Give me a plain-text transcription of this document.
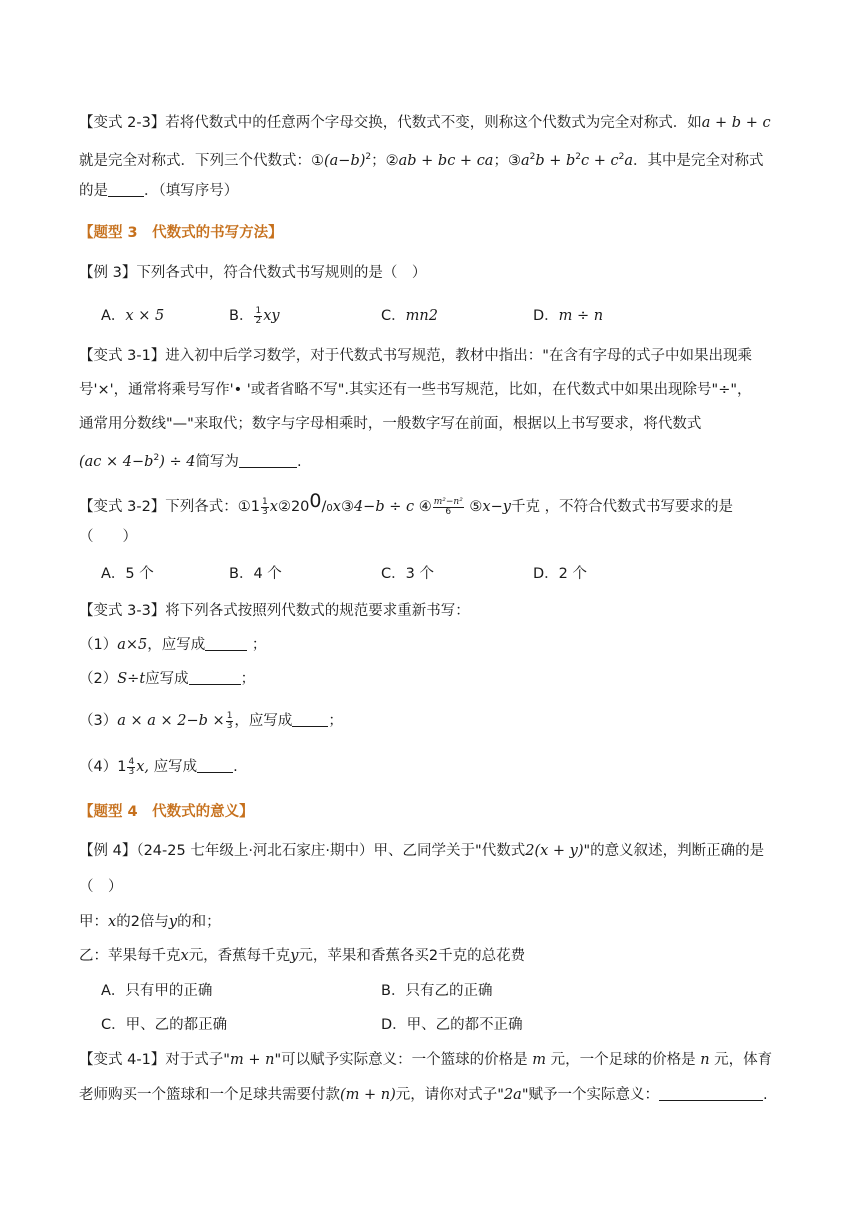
【变式 2-3】若将代数式中的任意两个字母交换，代数式不变，则称这个代数式为完全对称式．如a + b + c
就是完全对称式．下列三个代数式：$①(a-b)^2$；②ab + bc + ca；$③a^2b + b^2c + c^2a$．其中是完全对称式
的是 ．（填写序号）
【题型 3　代数式的书写方法】
【例 3】下列各式中，符合代数式书写规则的是（　）
A．x × 5	B． $\frac{1}{2}$ xy	C．mn2	D．m ÷ n
【变式 3-1】进入初中后学习数学，对于代数式书写规范，教材中指出："在含有字母的式子中如果出现乘
号'×'，通常将乘号写作'• '或者省略不写".其实还有一些书写规范，比如，在代数式中如果出现除号"÷"，
通常用分数线"—"来取代；数字与字母相乘时，一般数字写在前面，根据以上书写要求，将代数式
$(ac \times 4-b^2) \div 4$简写为	.
【变式 3-2】下列各式：①1 $\frac{1}{3}$ x②200/0x③4−b ÷ c ④ $\frac{\text{m²−n²}}{6}$ ⑤x−y千克 ，不符合代数式书写要求的是
（　　）
A．5 个	B．4 个	C．3 个	D．2 个
【变式 3-3】将下列各式按照列代数式的规范要求重新书写：
（1）a×5，应写成	；
（2）S÷t应写成	；
$(3)a \times a \times 2-b \times \frac{1}{3}$ ，应写成 ；
$(4)1 \frac{4}{3} x$, 应写成 .
【题型 4　代数式的意义】
【例 4】（24-25 七年级上·河北石家庄·期中）甲、乙同学关于"代数式2(x + y)"的意义叙述，判断正确的是
（　）
甲：x的2倍与y的和；
乙：苹果每千克x元，香蕉每千克y元，苹果和香蕉各买2千克的总花费
A．只有甲的正确	B．只有乙的正确
C．甲、乙的都正确	D．甲、乙的都不正确
【变式 4-1】对于式子"m + n"可以赋予实际意义：一个篮球的价格是 m 元，一个足球的价格是 n 元，体育
老师购买一个篮球和一个足球共需要付款(m + n)元，请你对式子"2a"赋予一个实际意义：	.
